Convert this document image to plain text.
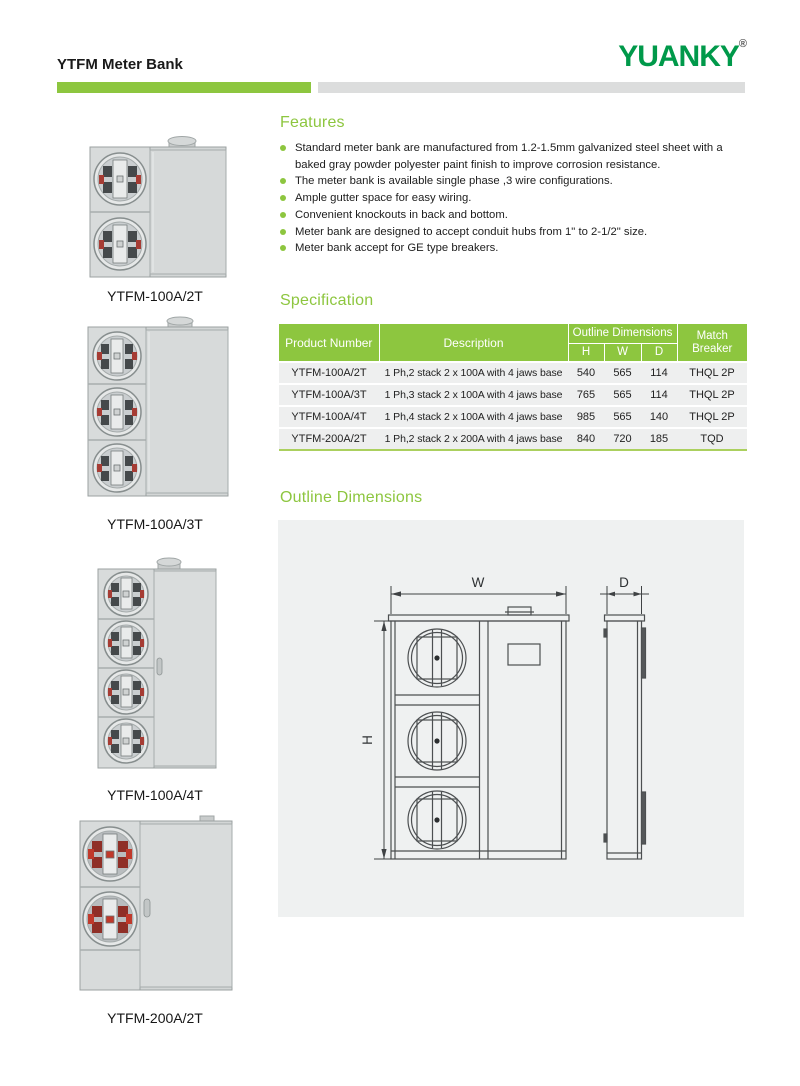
YTFM Meter Bank	YUANKY®
YTFM-100A/2T
YTFM-100A/3T
YTFM-100A/4T
YTFM-200A/2T
Features
Standard meter bank are manufactured from 1.2-1.5mm galvanized steel sheet with a baked gray powder polyester paint finish to improve corrosion resistance.
The meter bank is available single phase ,3 wire configurations.
Ample gutter space for easy wiring.
Convenient knockouts in back and bottom.
Meter bank are designed to accept conduit hubs from 1" to 2-1/2" size.
Meter bank accept for GE type breakers.
Specification
Product Number	Description	Outline Dimensions			Match Breaker
		H	W	D	
YTFM-100A/2T	1 Ph,2 stack 2 x 100A with 4 jaws base	540	565	114	THQL 2P
YTFM-100A/3T	1 Ph,3 stack 2 x 100A with 4 jaws base	765	565	114	THQL 2P
YTFM-100A/4T	1 Ph,4 stack 2 x 100A with 4 jaws base	985	565	140	THQL 2P
YTFM-200A/2T	1 Ph,2 stack 2 x 200A with 4 jaws base	840	720	185	TQD
Outline Dimensions
W
H
D
